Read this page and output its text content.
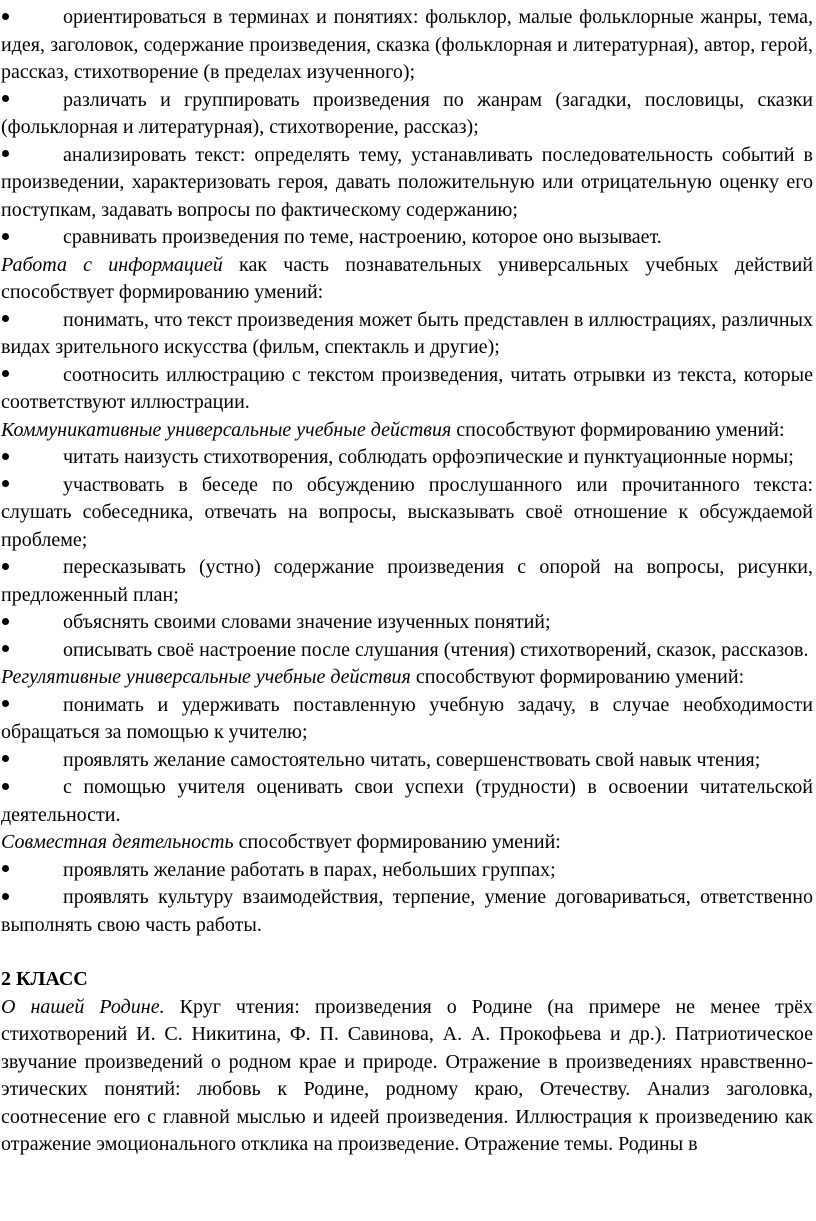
ориентироваться в терминах и понятиях: фольклор, малые фольклорные жанры, тема, идея, заголовок, содержание произведения, сказка (фольклорная и литературная), автор, герой, рассказ, стихотворение (в пределах изученного);

различать и группировать произведения по жанрам (загадки, пословицы, сказки (фольклорная и литературная), стихотворение, рассказ);

анализировать текст: определять тему, устанавливать последовательность событий в произведении, характеризовать героя, давать положительную или отрицательную оценку его поступкам, задавать вопросы по фактическому содержанию;

сравнивать произведения по теме, настроению, которое оно вызывает.

Работа с информацией как часть познавательных универсальных учебных действий способствует формированию умений:

понимать, что текст произведения может быть представлен в иллюстрациях, различных видах зрительного искусства (фильм, спектакль и другие);

соотносить иллюстрацию с текстом произведения, читать отрывки из текста, которые соответствуют иллюстрации.

Коммуникативные универсальные учебные действия способствуют формированию умений:

читать наизусть стихотворения, соблюдать орфоэпические и пунктуационные нормы;

участвовать в беседе по обсуждению прослушанного или прочитанного текста: слушать собеседника, отвечать на вопросы, высказывать своё отношение к обсуждаемой проблеме;

пересказывать (устно) содержание произведения с опорой на вопросы, рисунки, предложенный план;

объяснять своими словами значение изученных понятий;

описывать своё настроение после слушания (чтения) стихотворений, сказок, рассказов.

Регулятивные универсальные учебные действия способствуют формированию умений:

понимать и удерживать поставленную учебную задачу, в случае необходимости обращаться за помощью к учителю;

проявлять желание самостоятельно читать, совершенствовать свой навык чтения;

с помощью учителя оценивать свои успехи (трудности) в освоении читательской деятельности.

Совместная деятельность способствует формированию умений:

проявлять желание работать в парах, небольших группах;

проявлять культуру взаимодействия, терпение, умение договариваться, ответственно выполнять свою часть работы.

2 КЛАСС

О нашей Родине. Круг чтения: произведения о Родине (на примере не менее трёх стихотворений И. С. Никитина, Ф. П. Савинова, А. А. Прокофьева и др.). Патриотическое звучание произведений о родном крае и природе. Отражение в произведениях нравственно-этических понятий: любовь к Родине, родному краю, Отечеству. Анализ заголовка, соотнесение его с главной мыслью и идеей произведения. Иллюстрация к произведению как отражение эмоционального отклика на произведение. Отражение темы. Родины в
